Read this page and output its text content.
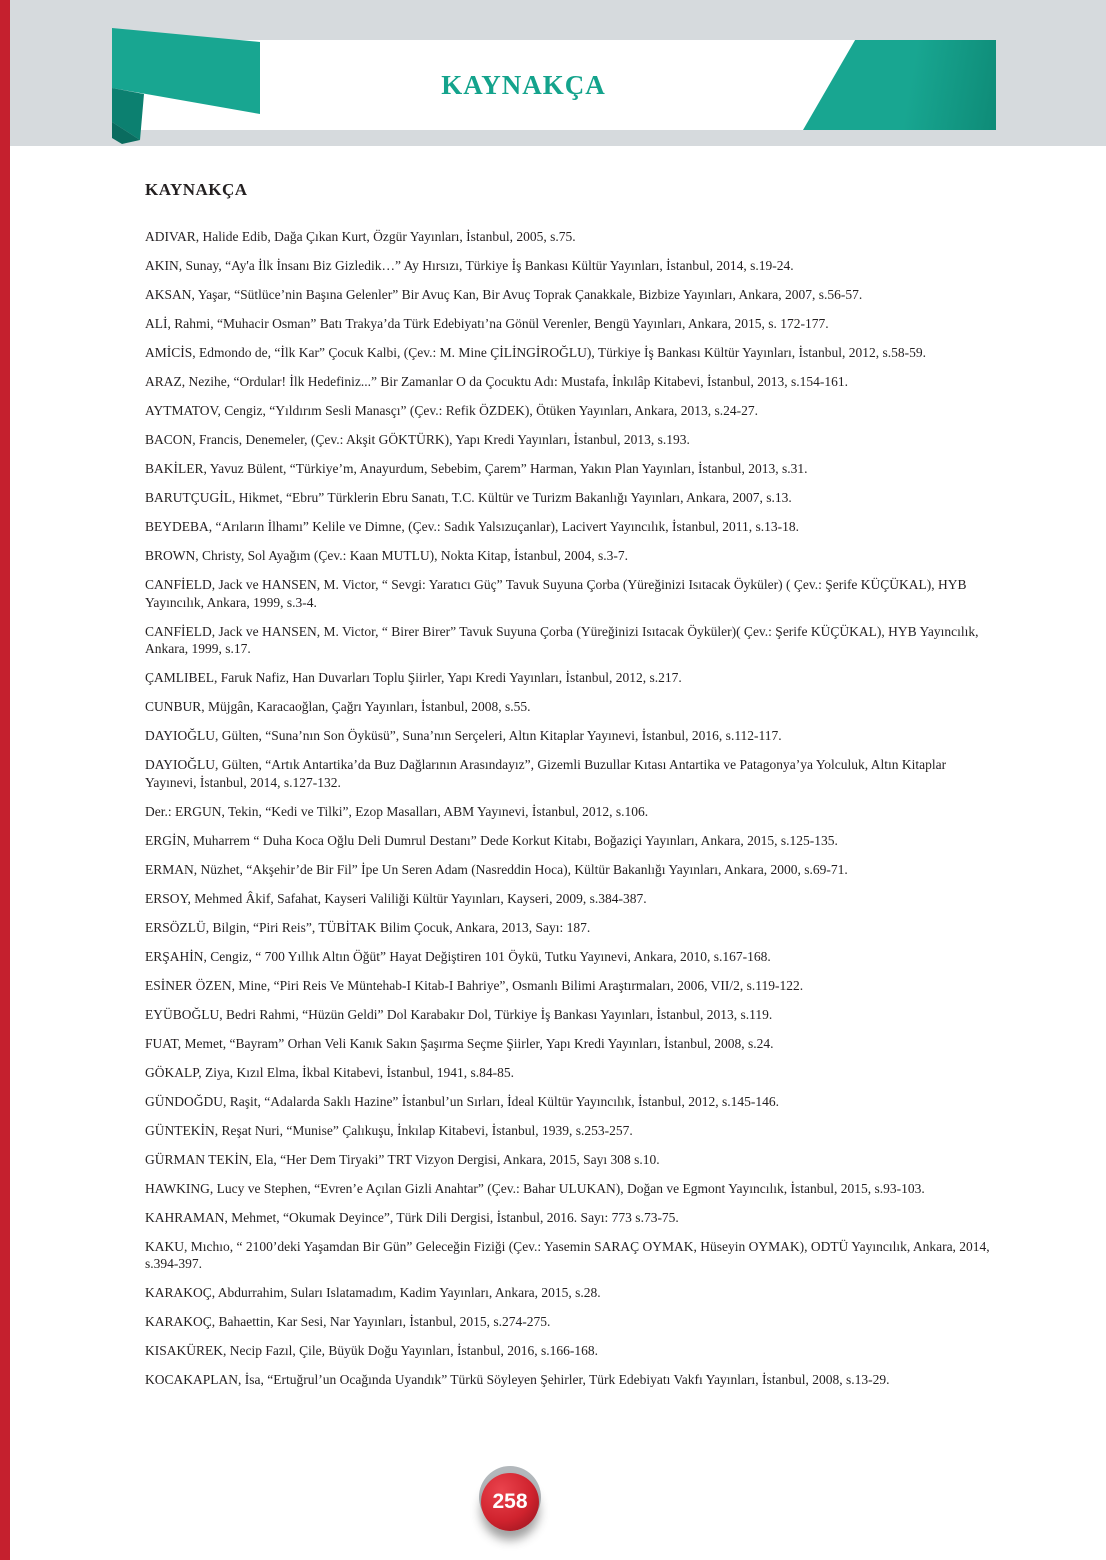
KAYNAKÇA
KAYNAKÇA

ADIVAR, Halide Edib, Dağa Çıkan Kurt, Özgür Yayınları, İstanbul, 2005, s.75.

AKIN, Sunay, “Ay'a İlk İnsanı Biz Gizledik…” Ay Hırsızı, Türkiye İş Bankası Kültür Yayınları, İstanbul, 2014, s.19-24.

AKSAN, Yaşar, “Sütlüce’nin Başına Gelenler” Bir Avuç Kan, Bir Avuç Toprak Çanakkale, Bizbize Yayınları, Ankara, 2007, s.56-57.

ALİ, Rahmi, “Muhacir Osman” Batı Trakya’da Türk Edebiyatı’na Gönül Verenler, Bengü Yayınları, Ankara, 2015, s. 172-177.

AMİCİS, Edmondo de, “İlk Kar” Çocuk Kalbi, (Çev.: M. Mine ÇİLİNGİROĞLU), Türkiye İş Bankası Kültür Yayınları, İstanbul, 2012, s.58-59.

ARAZ, Nezihe, “Ordular! İlk Hedefiniz...” Bir Zamanlar O da Çocuktu Adı: Mustafa, İnkılâp Kitabevi, İstanbul, 2013, s.154-161.

AYTMATOV, Cengiz, “Yıldırım Sesli Manasçı” (Çev.: Refik ÖZDEK), Ötüken Yayınları, Ankara, 2013, s.24-27.

BACON, Francis, Denemeler, (Çev.: Akşit GÖKTÜRK), Yapı Kredi Yayınları, İstanbul, 2013, s.193.

BAKİLER, Yavuz Bülent, “Türkiye’m, Anayurdum, Sebebim, Çarem” Harman, Yakın Plan Yayınları, İstanbul, 2013, s.31.

BARUTÇUGİL, Hikmet, “Ebru” Türklerin Ebru Sanatı, T.C. Kültür ve Turizm Bakanlığı Yayınları, Ankara, 2007, s.13.

BEYDEBA, “Arıların İlhamı” Kelile ve Dimne, (Çev.: Sadık Yalsızuçanlar), Lacivert Yayıncılık, İstanbul, 2011, s.13-18.

BROWN, Christy, Sol Ayağım (Çev.: Kaan MUTLU), Nokta Kitap, İstanbul, 2004, s.3-7.

CANFİELD, Jack ve HANSEN, M. Victor, “ Sevgi: Yaratıcı Güç” Tavuk Suyuna Çorba (Yüreğinizi Isıtacak Öyküler) ( Çev.: Şerife KÜÇÜKAL), HYB Yayıncılık, Ankara, 1999, s.3-4.

CANFİELD, Jack ve HANSEN, M. Victor, “ Birer Birer” Tavuk Suyuna Çorba (Yüreğinizi Isıtacak Öyküler)( Çev.: Şerife KÜÇÜKAL), HYB Yayıncılık, Ankara, 1999, s.17.

ÇAMLIBEL, Faruk Nafiz, Han Duvarları Toplu Şiirler, Yapı Kredi Yayınları, İstanbul, 2012, s.217.

CUNBUR, Müjgân, Karacaoğlan, Çağrı Yayınları, İstanbul, 2008, s.55.

DAYIOĞLU, Gülten, “Suna’nın Son Öyküsü”, Suna’nın Serçeleri, Altın Kitaplar Yayınevi, İstanbul, 2016, s.112-117.

DAYIOĞLU, Gülten, “Artık Antartika’da Buz Dağlarının Arasındayız”, Gizemli Buzullar Kıtası Antartika ve Patagonya’ya Yolculuk, Altın Kitaplar Yayınevi, İstanbul, 2014, s.127-132.

Der.: ERGUN, Tekin, “Kedi ve Tilki”, Ezop Masalları, ABM Yayınevi, İstanbul, 2012, s.106.

ERGİN, Muharrem “ Duha Koca Oğlu Deli Dumrul Destanı” Dede Korkut Kitabı, Boğaziçi Yayınları, Ankara, 2015, s.125-135.

ERMAN, Nüzhet, “Akşehir’de Bir Fil” İpe Un Seren Adam (Nasreddin Hoca), Kültür Bakanlığı Yayınları, Ankara, 2000, s.69-71.

ERSOY, Mehmed Âkif, Safahat, Kayseri Valiliği Kültür Yayınları, Kayseri, 2009, s.384-387.

ERSÖZLÜ, Bilgin, “Piri Reis”, TÜBİTAK Bilim Çocuk, Ankara, 2013, Sayı: 187.

ERŞAHİN, Cengiz, “ 700 Yıllık Altın Öğüt” Hayat Değiştiren 101 Öykü, Tutku Yayınevi, Ankara, 2010, s.167-168.

ESİNER ÖZEN, Mine, “Piri Reis Ve Müntehab-I Kitab-I Bahriye”, Osmanlı Bilimi Araştırmaları, 2006, VII/2, s.119-122.

EYÜBOĞLU, Bedri Rahmi, “Hüzün Geldi” Dol Karabakır Dol, Türkiye İş Bankası Yayınları, İstanbul, 2013, s.119.

FUAT, Memet, “Bayram” Orhan Veli Kanık Sakın Şaşırma Seçme Şiirler, Yapı Kredi Yayınları, İstanbul, 2008, s.24.

GÖKALP, Ziya, Kızıl Elma, İkbal Kitabevi, İstanbul, 1941, s.84-85.

GÜNDOĞDU, Raşit, “Adalarda Saklı Hazine” İstanbul’un Sırları, İdeal Kültür Yayıncılık, İstanbul, 2012, s.145-146.

GÜNTEKİN, Reşat Nuri, “Munise” Çalıkuşu, İnkılap Kitabevi, İstanbul, 1939, s.253-257.

GÜRMAN TEKİN, Ela, “Her Dem Tiryaki” TRT Vizyon Dergisi, Ankara, 2015, Sayı 308 s.10.

HAWKING, Lucy ve Stephen, “Evren’e Açılan Gizli Anahtar” (Çev.: Bahar ULUKAN), Doğan ve Egmont Yayıncılık, İstanbul, 2015, s.93-103.

KAHRAMAN, Mehmet, “Okumak Deyince”, Türk Dili Dergisi, İstanbul, 2016. Sayı: 773 s.73-75.

KAKU, Mıchıo, “ 2100’deki Yaşamdan Bir Gün” Geleceğin Fiziği (Çev.: Yasemin SARAÇ OYMAK, Hüseyin OYMAK), ODTÜ Yayıncılık, Ankara, 2014, s.394-397.

KARAKOÇ, Abdurrahim, Suları Islatamadım, Kadim Yayınları, Ankara, 2015, s.28.

KARAKOÇ, Bahaettin, Kar Sesi, Nar Yayınları, İstanbul, 2015, s.274-275.

KISAKÜREK, Necip Fazıl, Çile, Büyük Doğu Yayınları, İstanbul, 2016, s.166-168.

KOCAKAPLAN, İsa, “Ertuğrul’un Ocağında Uyandık” Türkü Söyleyen Şehirler, Türk Edebiyatı Vakfı Yayınları, İstanbul, 2008, s.13-29.

258
